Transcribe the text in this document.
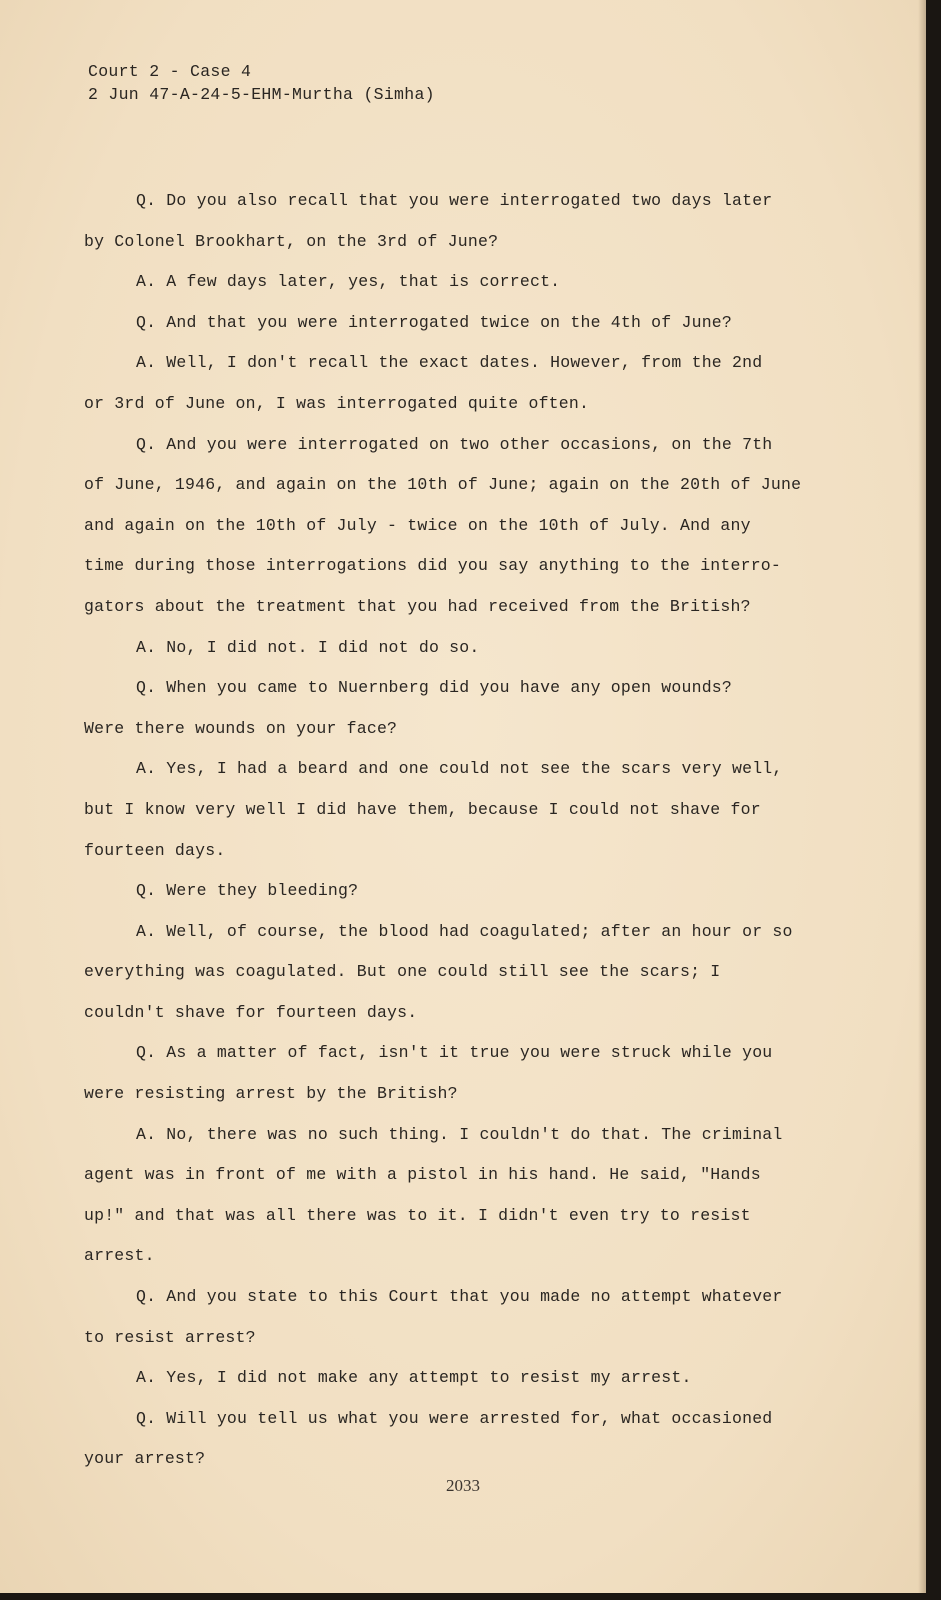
Court 2 - Case 4
2 Jun 47-A-24-5-EHM-Murtha (Simha)

Q. Do you also recall that you were interrogated two days later
by Colonel Brookhart, on the 3rd of June?

A. A few days later, yes, that is correct.

Q. And that you were interrogated twice on the 4th of June?

A. Well, I don't recall the exact dates. However, from the 2nd
or 3rd of June on, I was interrogated quite often.

Q. And you were interrogated on two other occasions, on the 7th
of June, 1946, and again on the 10th of June; again on the 20th of June
and again on the 10th of July - twice on the 10th of July. And any
time during those interrogations did you say anything to the interro-
gators about the treatment that you had received from the British?

A. No, I did not. I did not do so.

Q. When you came to Nuernberg did you have any open wounds?
Were there wounds on your face?

A. Yes, I had a beard and one could not see the scars very well,
but I know very well I did have them, because I could not shave for
fourteen days.

Q. Were they bleeding?

A. Well, of course, the blood had coagulated; after an hour or so
everything was coagulated. But one could still see the scars; I
couldn't shave for fourteen days.

Q. As a matter of fact, isn't it true you were struck while you
were resisting arrest by the British?

A. No, there was no such thing. I couldn't do that. The criminal
agent was in front of me with a pistol in his hand. He said, "Hands
up!" and that was all there was to it. I didn't even try to resist
arrest.

Q. And you state to this Court that you made no attempt whatever
to resist arrest?

A. Yes, I did not make any attempt to resist my arrest.

Q. Will you tell us what you were arrested for, what occasioned
your arrest?

2033
